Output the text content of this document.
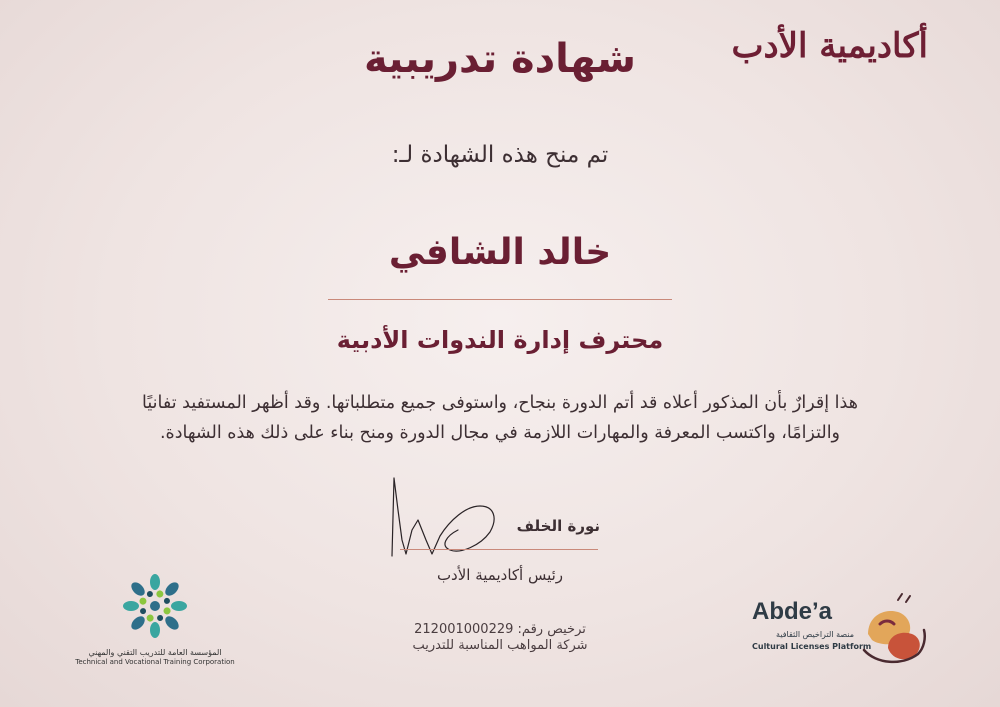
أكاديمية الأدب
شهادة تدريبية
تم منح هذه الشهادة لـ:
خالد الشافي
محترف إدارة الندوات الأدبية
هذا إقرارٌ بأن المذكور أعلاه قد أتم الدورة بنجاح، واستوفى جميع متطلباتها. وقد أظهر المستفيد تفانيًا والتزامًا، واكتسب المعرفة والمهارات اللازمة في مجال الدورة ومنح بناء على ذلك هذه الشهادة.
نورة الخلف
رئيس أكاديمية الأدب
ترخيص رقم: 212001000229
شركة المواهب المناسبة للتدريب
المؤسسة العامة للتدريب التقني والمهني
Technical and Vocational Training Corporation
Abde’a
منصة التراخيص الثقافية
Cultural Licenses Platform
